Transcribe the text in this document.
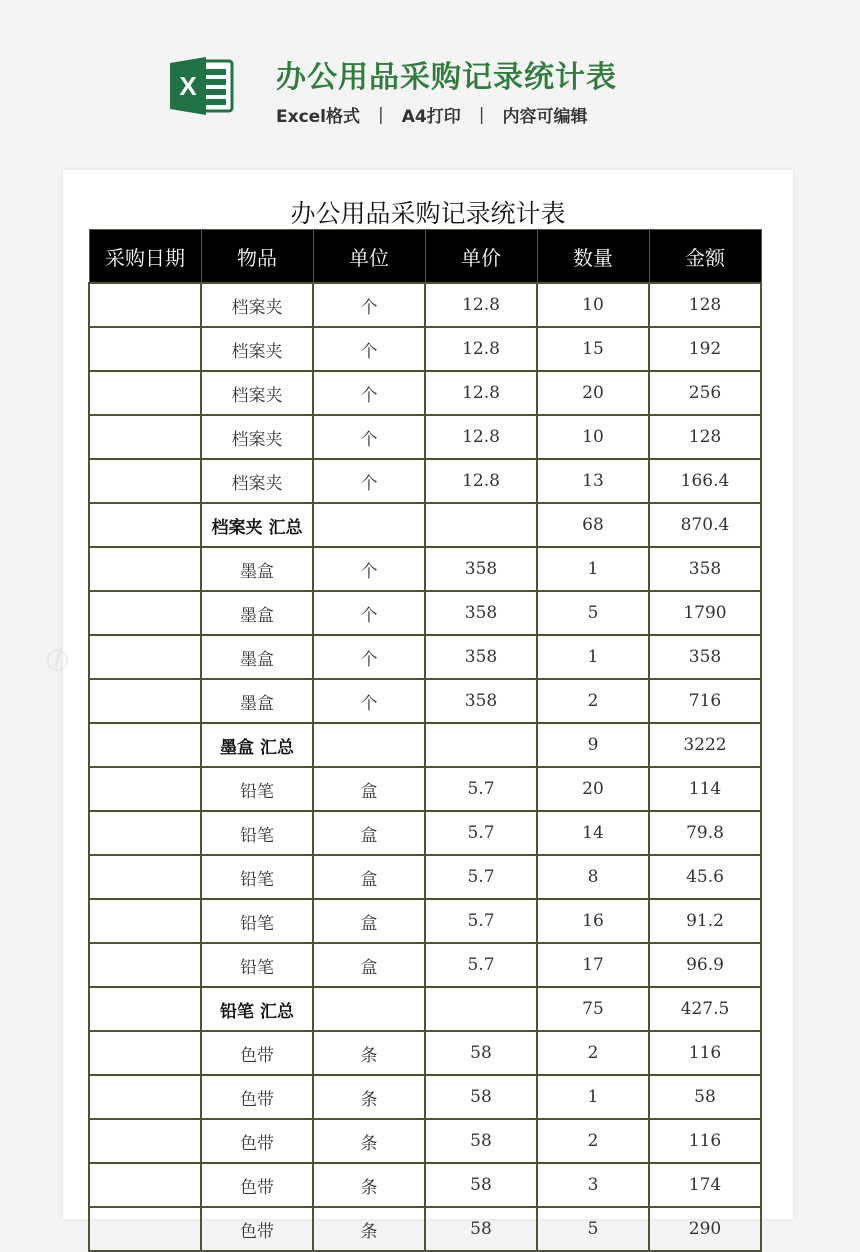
X	办公用品采购记录统计表
Excel格式 | A4打印 | 内容可编辑
⊘
办公用品采购记录统计表
采购日期	物品	单位	单价	数量	金额
	档案夹	个	12.8	10	128
	档案夹	个	12.8	15	192
	档案夹	个	12.8	20	256
	档案夹	个	12.8	10	128
	档案夹	个	12.8	13	166.4
	档案夹 汇总			68	870.4
	墨盒	个	358	1	358
	墨盒	个	358	5	1790
	墨盒	个	358	1	358
	墨盒	个	358	2	716
	墨盒 汇总			9	3222
	铅笔	盒	5.7	20	114
	铅笔	盒	5.7	14	79.8
	铅笔	盒	5.7	8	45.6
	铅笔	盒	5.7	16	91.2
	铅笔	盒	5.7	17	96.9
	铅笔 汇总			75	427.5
	色带	条	58	2	116
	色带	条	58	1	58
	色带	条	58	2	116
	色带	条	58	3	174
	色带	条	58	5	290
